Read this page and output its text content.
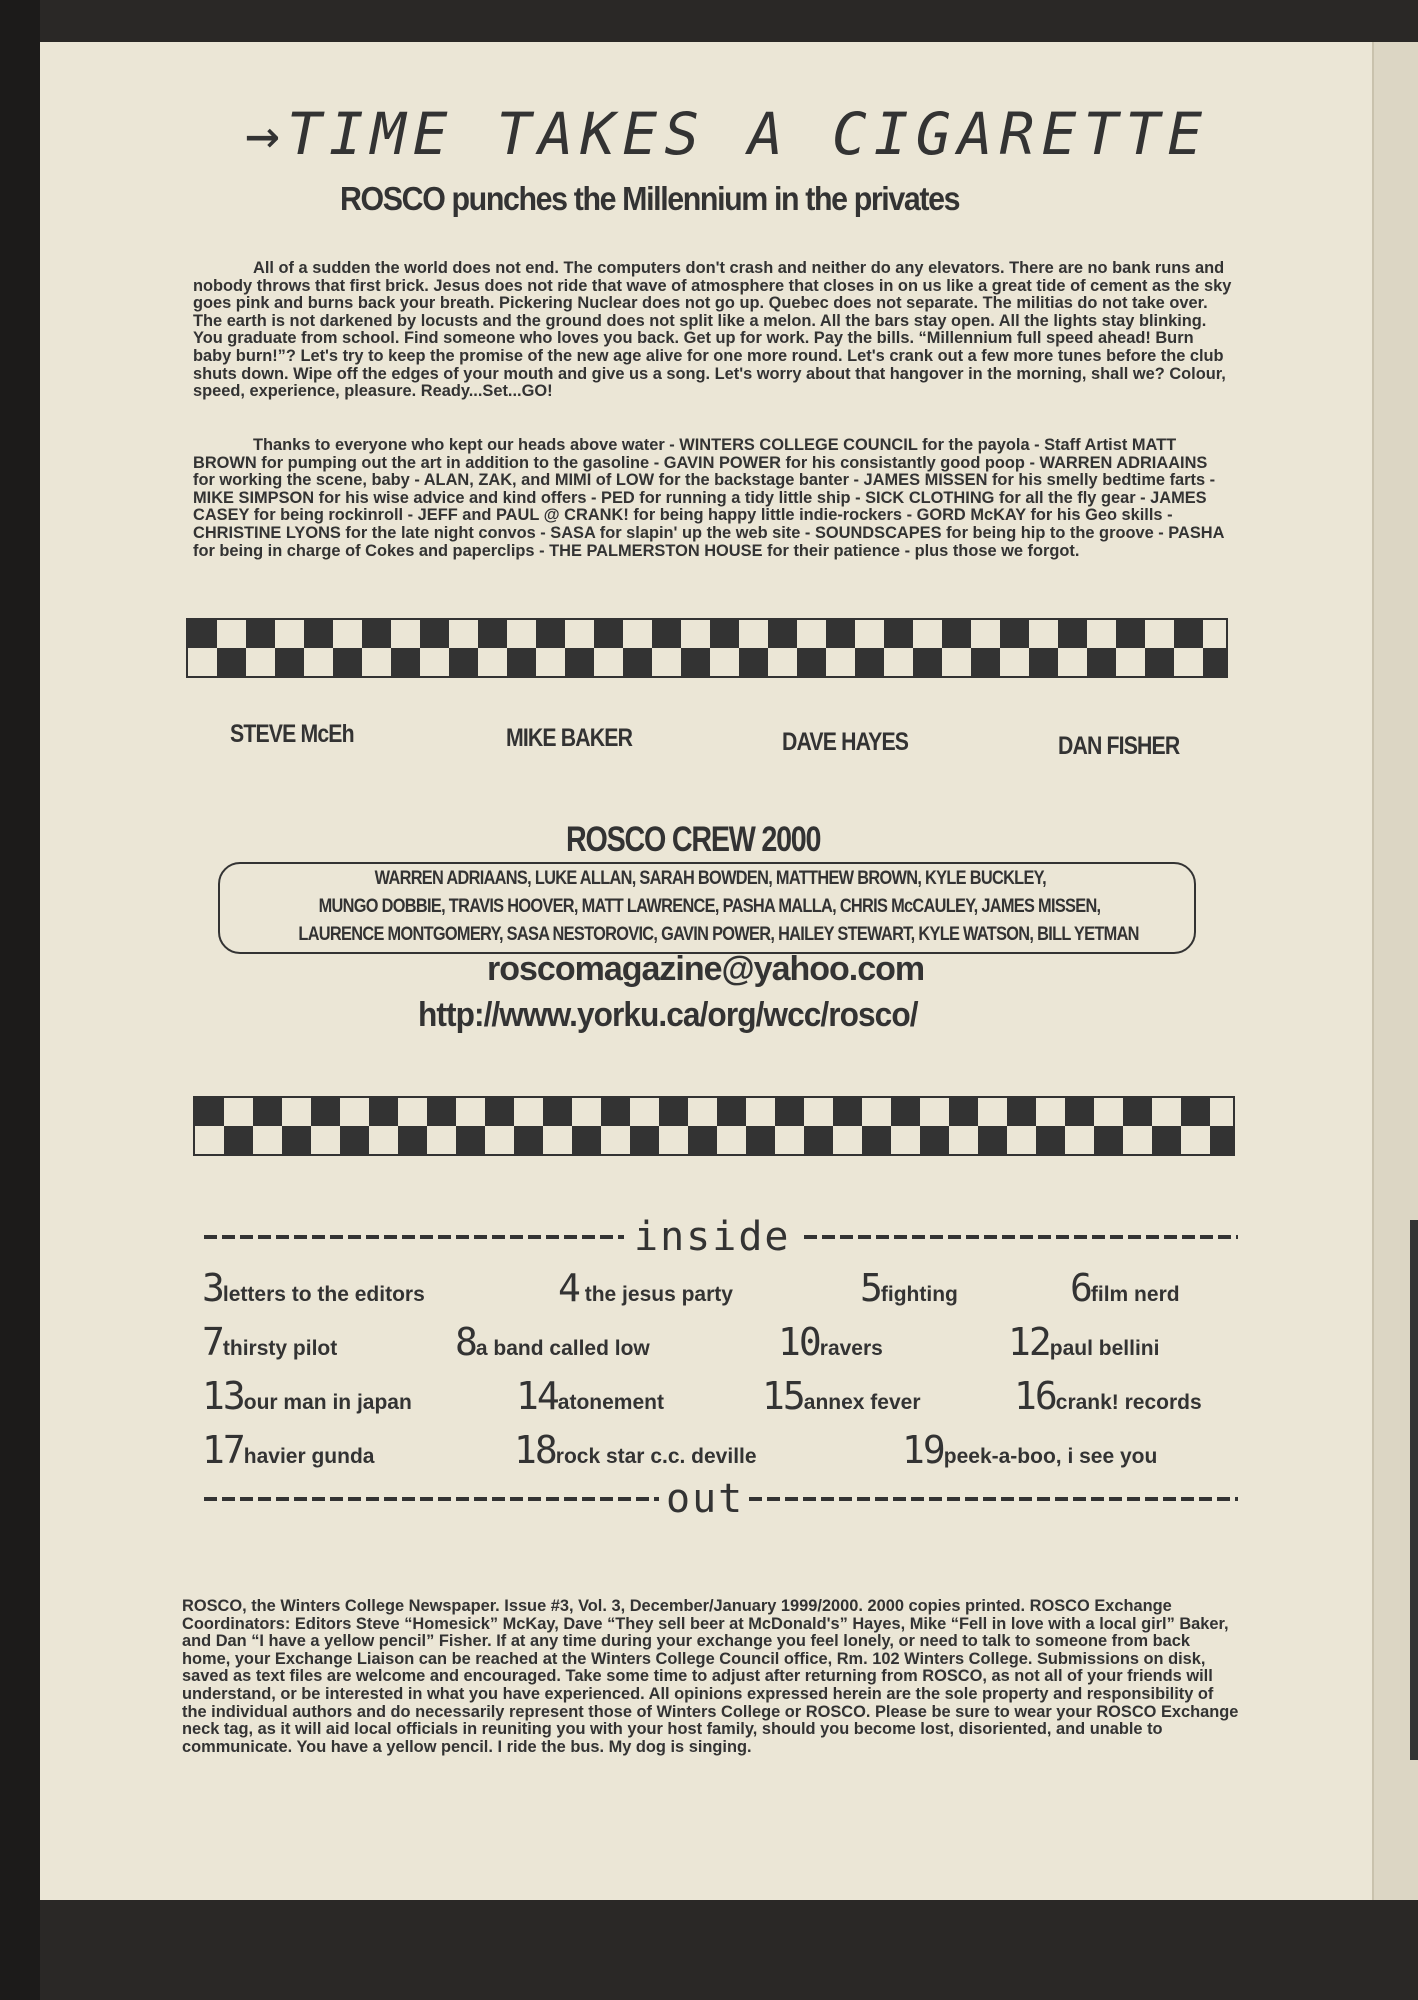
→TIME TAKES A CIGARETTE
ROSCO punches the Millennium in the privates

All of a sudden the world does not end. The computers don't crash and neither do any elevators. There are no bank runs and nobody throws that first brick. Jesus does not ride that wave of atmosphere that closes in on us like a great tide of cement as the sky goes pink and burns back your breath. Pickering Nuclear does not go up. Quebec does not separate. The militias do not take over. The earth is not darkened by locusts and the ground does not split like a melon. All the bars stay open. All the lights stay blinking. You graduate from school. Find someone who loves you back. Get up for work. Pay the bills. “Millennium full speed ahead! Burn baby burn!”? Let's try to keep the promise of the new age alive for one more round. Let's crank out a few more tunes before the club shuts down. Wipe off the edges of your mouth and give us a song. Let's worry about that hangover in the morning, shall we? Colour, speed, experience, pleasure. Ready...Set...GO!

Thanks to everyone who kept our heads above water - WINTERS COLLEGE COUNCIL for the payola - Staff Artist MATT BROWN for pumping out the art in addition to the gasoline - GAVIN POWER for his consistantly good poop - WARREN ADRIAAINS for working the scene, baby - ALAN, ZAK, and MIMI of LOW for the backstage banter - JAMES MISSEN for his smelly bedtime farts - MIKE SIMPSON for his wise advice and kind offers - PED for running a tidy little ship - SICK CLOTHING for all the fly gear - JAMES CASEY for being rockinroll - JEFF and PAUL @ CRANK! for being happy little indie-rockers - GORD McKAY for his Geo skills - CHRISTINE LYONS for the late night convos - SASA for slapin' up the web site - SOUNDSCAPES for being hip to the groove - PASHA for being in charge of Cokes and paperclips - THE PALMERSTON HOUSE for their patience - plus those we forgot.

STEVE McEh	MIKE BAKER	DAVE HAYES	DAN FISHER
ROSCO CREW 2000
WARREN ADRIAANS, LUKE ALLAN, SARAH BOWDEN, MATTHEW BROWN, KYLE BUCKLEY,
MUNGO DOBBIE, TRAVIS HOOVER, MATT LAWRENCE, PASHA MALLA, CHRIS McCAULEY, JAMES MISSEN,
LAURENCE MONTGOMERY, SASA NESTOROVIC, GAVIN POWER, HAILEY STEWART, KYLE WATSON, BILL YETMAN
roscomagazine@yahoo.com
http://www.yorku.ca/org/wcc/rosco/
inside
3letters to the editors	4 the jesus party	5fighting	6film nerd
7thirsty pilot	8a band called low	10ravers	12paul bellini
13our man in japan	14atonement	15annex fever 16crank! records
17havier gunda	18rock star c.c. deville	19peek-a-boo, i see you
out

ROSCO, the Winters College Newspaper. Issue #3, Vol. 3, December/January 1999/2000. 2000 copies printed. ROSCO Exchange Coordinators: Editors Steve “Homesick” McKay, Dave “They sell beer at McDonald's” Hayes, Mike “Fell in love with a local girl” Baker, and Dan “I have a yellow pencil” Fisher. If at any time during your exchange you feel lonely, or need to talk to someone from back home, your Exchange Liaison can be reached at the Winters College Council office, Rm. 102 Winters College. Submissions on disk, saved as text files are welcome and encouraged. Take some time to adjust after returning from ROSCO, as not all of your friends will understand, or be interested in what you have experienced. All opinions expressed herein are the sole property and responsibility of the individual authors and do necessarily represent those of Winters College or ROSCO. Please be sure to wear your ROSCO Exchange neck tag, as it will aid local officials in reuniting you with your host family, should you become lost, disoriented, and unable to communicate. You have a yellow pencil. I ride the bus. My dog is singing.
